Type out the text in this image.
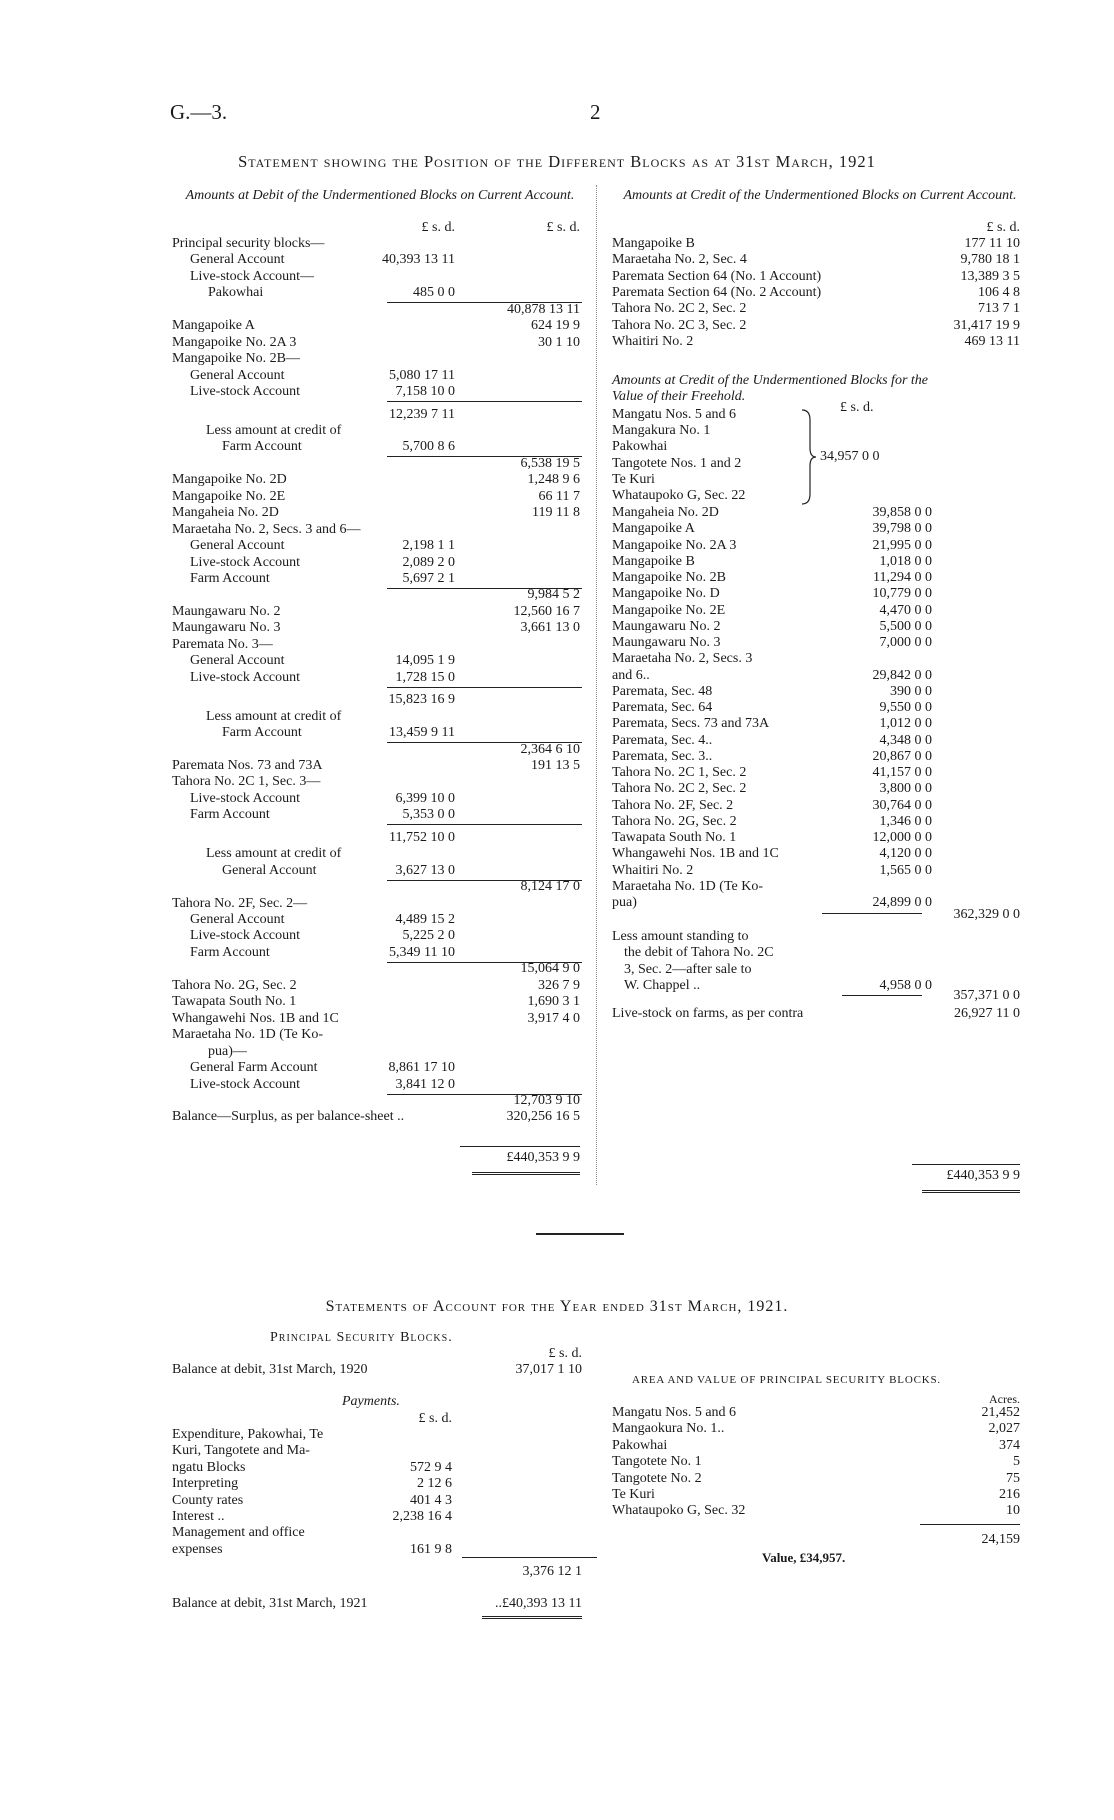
G.—3.	2
Statement showing the Position of the Different Blocks as at 31st March, 1921
Amounts at Debit of the Undermentioned Blocks on Current Account.
£ s. d.	£ s. d.
Principal security blocks—
General Account	40,393 13 11
Live-stock Account—
Pakowhai	485 0 0
40,878 13 11
Mangapoike A	624 19 9
Mangapoike No. 2A 3	30 1 10
Mangapoike No. 2B—
General Account	5,080 17 11
Live-stock Account	7,158 10 0
12,239 7 11
Less amount at credit of
Farm Account	5,700 8 6
6,538 19 5
Mangapoike No. 2D	1,248 9 6
Mangapoike No. 2E	66 11 7
Mangaheia No. 2D	119 11 8
Maraetaha No. 2, Secs. 3 and 6—
General Account	2,198 1 1
Live-stock Account	2,089 2 0
Farm Account	5,697 2 1
9,984 5 2
Maungawaru No. 2	12,560 16 7
Maungawaru No. 3	3,661 13 0
Paremata No. 3—
General Account	14,095 1 9
Live-stock Account	1,728 15 0
15,823 16 9
Less amount at credit of
Farm Account	13,459 9 11
2,364 6 10
Paremata Nos. 73 and 73A	191 13 5
Tahora No. 2C 1, Sec. 3—
Live-stock Account	6,399 10 0
Farm Account	5,353 0 0
11,752 10 0
Less amount at credit of
General Account	3,627 13 0
8,124 17 0
Tahora No. 2F, Sec. 2—
General Account	4,489 15 2
Live-stock Account	5,225 2 0
Farm Account	5,349 11 10
15,064 9 0
Tahora No. 2G, Sec. 2	326 7 9
Tawapata South No. 1	1,690 3 1
Whangawehi Nos. 1B and 1C	3,917 4 0
Maraetaha No. 1D (Te Ko-
pua)—
General Farm Account	8,861 17 10
Live-stock Account	3,841 12 0
12,703 9 10
Balance—Surplus, as per balance-sheet ..	320,256 16 5
£440,353 9 9
Amounts at Credit of the Undermentioned Blocks on Current Account.
£ s. d.
Mangapoike B	177 11 10
Maraetaha No. 2, Sec. 4	9,780 18 1
Paremata Section 64 (No. 1 Account)	13,389 3 5
Paremata Section 64 (No. 2 Account)	106 4 8
Tahora No. 2C 2, Sec. 2	713 7 1
Tahora No. 2C 3, Sec. 2	31,417 19 9
Whaitiri No. 2	469 13 11
Amounts at Credit of the Undermentioned Blocks for the Value of their Freehold.
Mangatu Nos. 5 and 6
Mangakura No. 1
Pakowhai
Tangotete Nos. 1 and 2
Te Kuri
Whataupoko G, Sec. 22
£ s. d.
34,957 0 0
Mangaheia No. 2D	39,858 0 0
Mangapoike A	39,798 0 0
Mangapoike No. 2A 3	21,995 0 0
Mangapoike B	1,018 0 0
Mangapoike No. 2B	11,294 0 0
Mangapoike No. D	10,779 0 0
Mangapoike No. 2E	4,470 0 0
Maungawaru No. 2	5,500 0 0
Maungawaru No. 3	7,000 0 0
Maraetaha No. 2, Secs. 3
and 6..	29,842 0 0
Paremata, Sec. 48	390 0 0
Paremata, Sec. 64	9,550 0 0
Paremata, Secs. 73 and 73A	1,012 0 0
Paremata, Sec. 4..	4,348 0 0
Paremata, Sec. 3..	20,867 0 0
Tahora No. 2C 1, Sec. 2	41,157 0 0
Tahora No. 2C 2, Sec. 2	3,800 0 0
Tahora No. 2F, Sec. 2	30,764 0 0
Tahora No. 2G, Sec. 2	1,346 0 0
Tawapata South No. 1	12,000 0 0
Whangawehi Nos. 1B and 1C	4,120 0 0
Whaitiri No. 2	1,565 0 0
Maraetaha No. 1D (Te Ko-
pua)	24,899 0 0
362,329 0 0
Less amount standing to
the debit of Tahora No. 2C
3, Sec. 2—after sale to
W. Chappel ..	4,958 0 0
357,371 0 0
Live-stock on farms, as per contra	26,927 11 0
£440,353 9 9
Statements of Account for the Year ended 31st March, 1921.
Principal Security Blocks.
£ s. d.
Balance at debit, 31st March, 1920	37,017 1 10
Payments.
£ s. d.
Expenditure, Pakowhai, Te
Kuri, Tangotete and Ma-
ngatu Blocks	572 9 4
Interpreting	2 12 6
County rates	401 4 3
Interest ..	2,238 16 4
Management and office
expenses	161 9 8
3,376 12 1
Balance at debit, 31st March, 1921	..£40,393 13 11
AREA AND VALUE OF PRINCIPAL SECURITY BLOCKS.
Acres.
Mangatu Nos. 5 and 6	21,452
Mangaokura No. 1..	2,027
Pakowhai	374
Tangotete No. 1	5
Tangotete No. 2	75
Te Kuri	216
Whataupoko G, Sec. 32	10
24,159
Value, £34,957.
